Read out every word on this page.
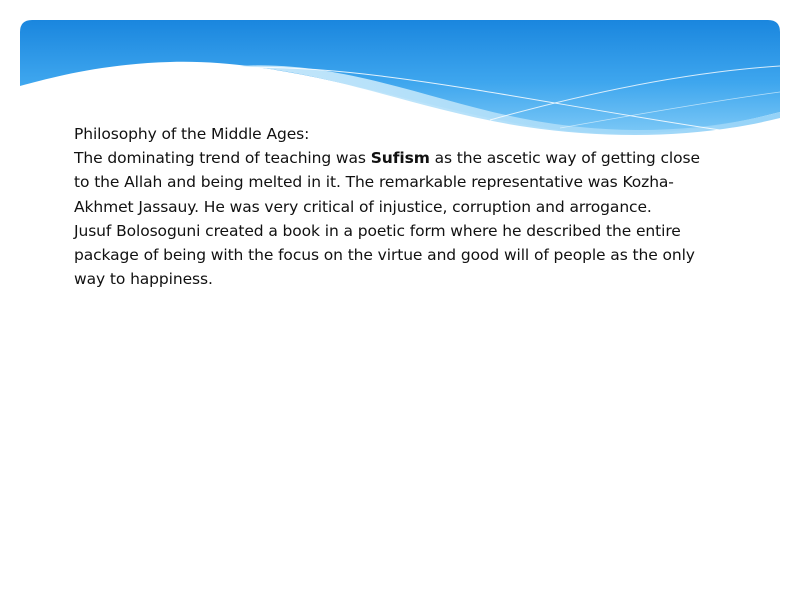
Philosophy of the Middle Ages:

The dominating trend of teaching was Sufism as the ascetic way of getting close to the Allah and being melted in it. The remarkable representative was Kozha-Akhmet Jassauy. He was very critical of injustice, corruption and arrogance.

Jusuf Bolosoguni created a book in a poetic form where he described the entire package of being with the focus on the virtue and good will of people as the only way to happiness.
